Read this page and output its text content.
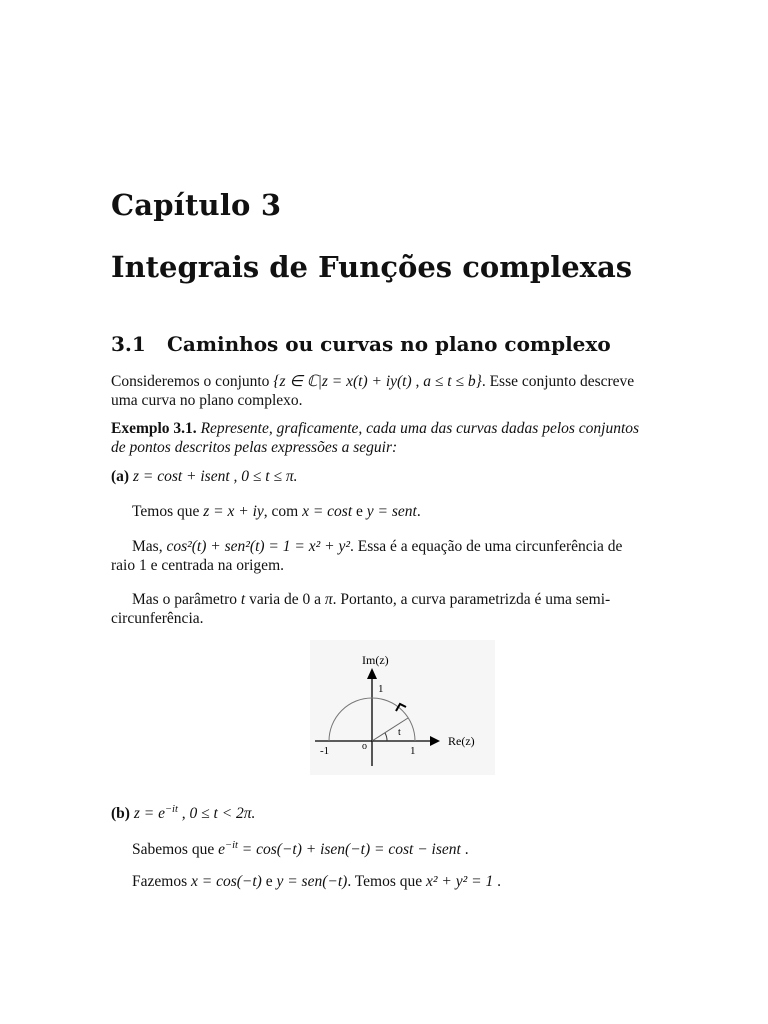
Capítulo 3
Integrais de Funções complexas
3.1 Caminhos ou curvas no plano complexo
Consideremos o conjunto {z ∈ ℂ|z = x(t) + iy(t) , a ≤ t ≤ b}. Esse conjunto descreve
uma curva no plano complexo.
Exemplo 3.1. Represente, graficamente, cada uma das curvas dadas pelos conjuntos
de pontos descritos pelas expressões a seguir:
(a) z = cost + isent , 0 ≤ t ≤ π.
Temos que z = x + iy, com x = cost e y = sent.
Mas, cos²(t) + sen²(t) = 1 = x² + y². Essa é a equação de uma circunferência de
raio 1 e centrada na origem.
Mas o parâmetro t varia de 0 a π. Portanto, a curva parametrizda é uma semi-
circunferência.
Im(z)
Re(z)
1
1
-1	o
t
(b) $z = e^{-it}$ , 0 ≤ t < 2π.
Sabemos que $e^{-it} = \cos(-t)$ + isen(−t) = cost − isent .
Fazemos x = cos(−t) e y = sen(−t). Temos que x² + y² = 1 .
